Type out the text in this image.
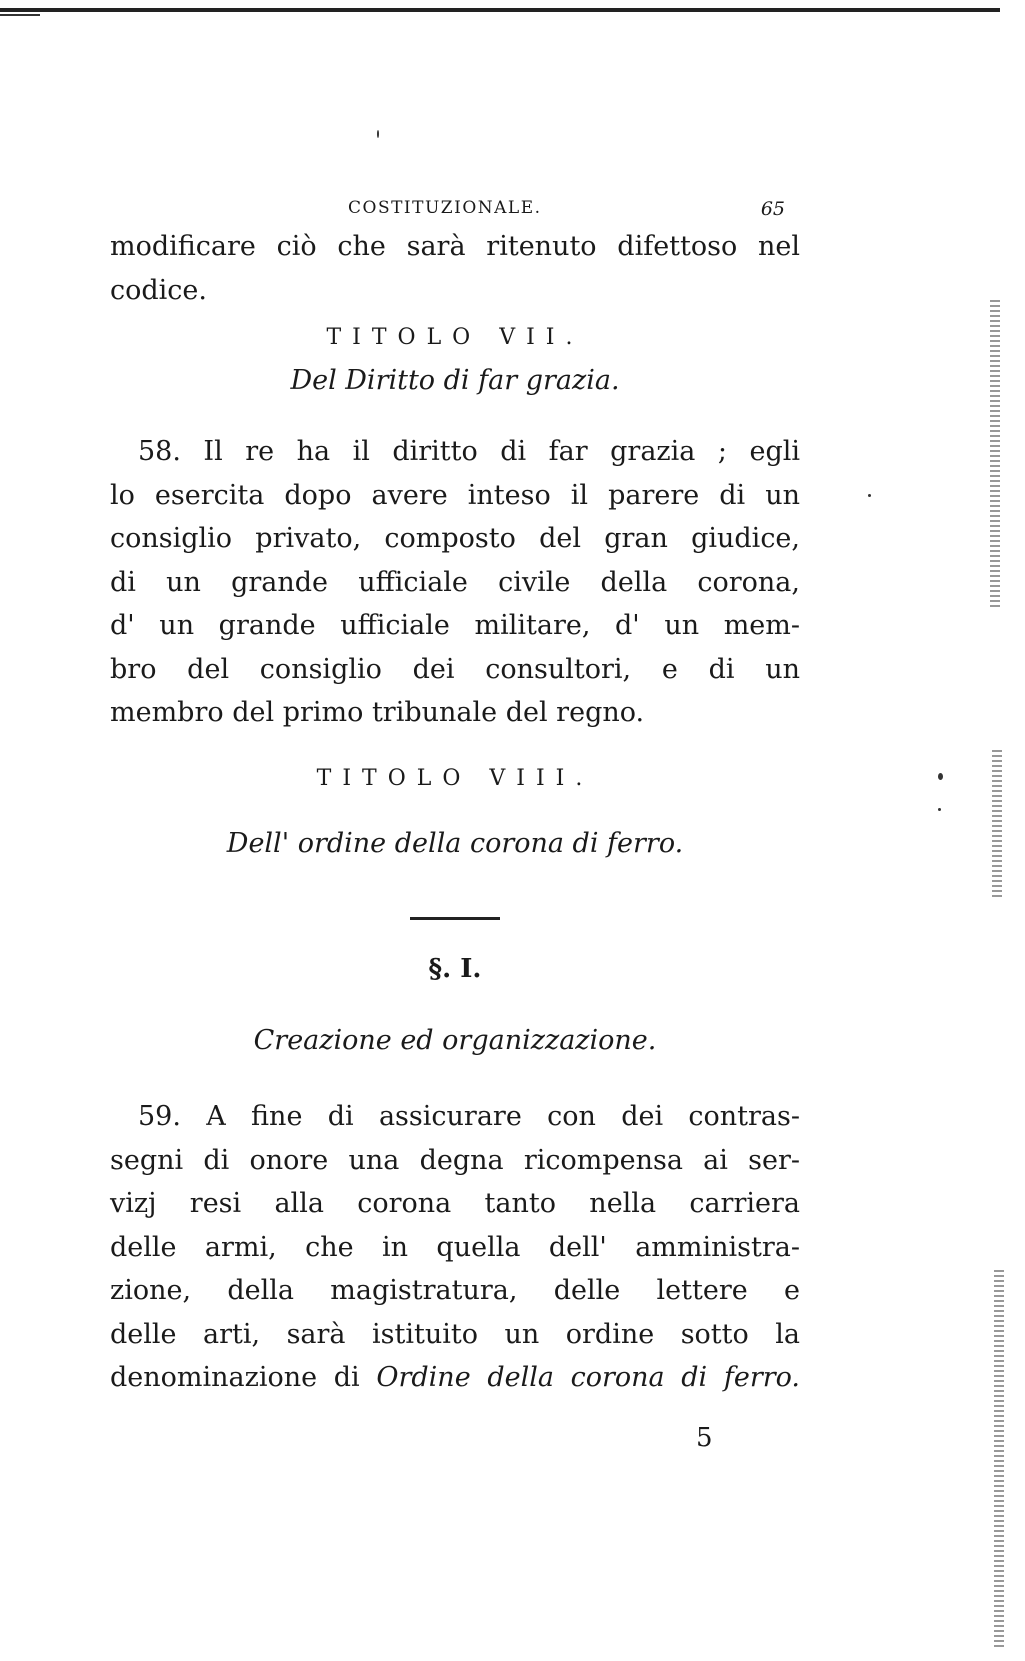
COSTITUZIONALE.	65
modificare ciò che sarà ritenuto difettoso nel
codice.
TITOLO VII.
Del Diritto di far grazia.
58. Il re ha il diritto di far grazia ; egli
lo esercita dopo avere inteso il parere di un
consiglio privato, composto del gran giudice,
di un grande ufficiale civile della corona,
d' un grande ufficiale militare, d' un mem-
bro del consiglio dei consultori, e di un
membro del primo tribunale del regno.
TITOLO VIII.
Dell' ordine della corona di ferro.
§. I.
Creazione ed organizzazione.
59. A fine di assicurare con dei contras-
segni di onore una degna ricompensa ai ser-
vizj resi alla corona tanto nella carriera
delle armi, che in quella dell' amministra-
zione, della magistratura, delle lettere e
delle arti, sarà istituito un ordine sotto la
denominazione di Ordine della corona di ferro.
5
